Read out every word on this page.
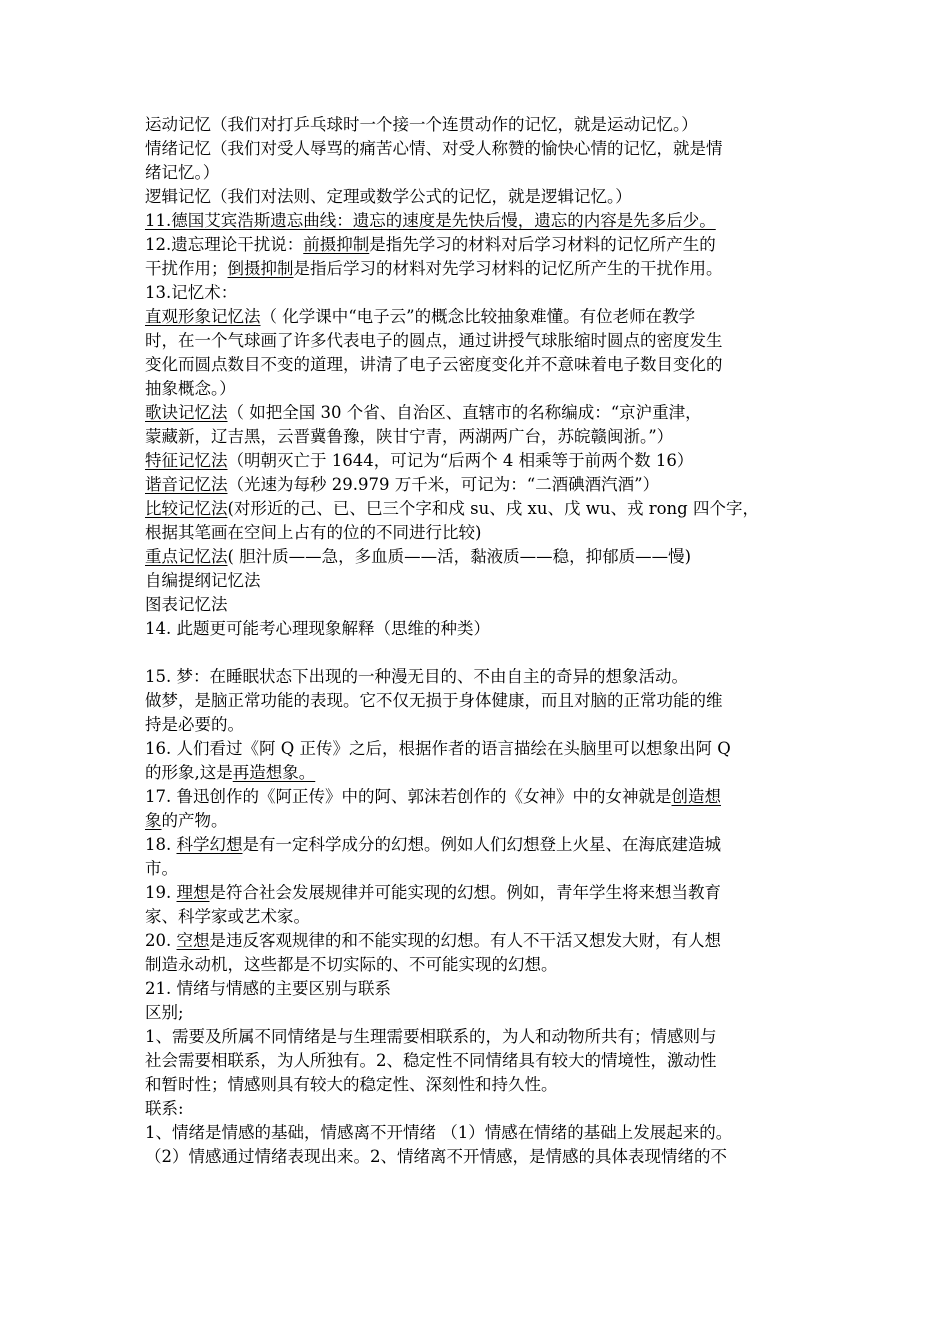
运动记忆（我们对打乒乓球时一个接一个连贯动作的记忆，就是运动记忆。）
情绪记忆（我们对受人辱骂的痛苦心情、对受人称赞的愉快心情的记忆，就是情
绪记忆。）
逻辑记忆（我们对法则、定理或数学公式的记忆，就是逻辑记忆。）
11.德国艾宾浩斯遗忘曲线：遗忘的速度是先快后慢，遗忘的内容是先多后少。
12.遗忘理论干扰说：前摄抑制是指先学习的材料对后学习材料的记忆所产生的
干扰作用；倒摄抑制是指后学习的材料对先学习材料的记忆所产生的干扰作用。
13.记忆术：
直观形象记忆法（ 化学课中“电子云”的概念比较抽象难懂。有位老师在教学
时，在一个气球画了许多代表电子的圆点，通过讲授气球胀缩时圆点的密度发生
变化而圆点数目不变的道理，讲清了电子云密度变化并不意味着电子数目变化的
抽象概念。）
歌诀记忆法（ 如把全国 30 个省、自治区、直辖市的名称编成：“京沪重津，
蒙藏新，辽吉黑，云晋冀鲁豫，陕甘宁青，两湖两广台，苏皖赣闽浙。”）
特征记忆法（明朝灭亡于 1644，可记为“后两个 4 相乘等于前两个数 16）
谐音记忆法（光速为每秒 29.979 万千米，可记为：“二酒碘酒汽酒”）
比较记忆法(对形近的己、已、巳三个字和戍 su、戌 xu、戊 wu、戎 rong 四个字，
根据其笔画在空间上占有的位的不同进行比较)
重点记忆法( 胆汁质——急，多血质——活，黏液质——稳，抑郁质——慢)
自编提纲记忆法
图表记忆法
14. 此题更可能考心理现象解释（思维的种类）
15. 梦：在睡眠状态下出现的一种漫无目的、不由自主的奇异的想象活动。
做梦，是脑正常功能的表现。它不仅无损于身体健康，而且对脑的正常功能的维
持是必要的。
16. 人们看过《阿 Q 正传》之后，根据作者的语言描绘在头脑里可以想象出阿 Q
的形象,这是再造想象。
17. 鲁迅创作的《阿正传》中的阿、郭沫若创作的《女神》中的女神就是创造想
象的产物。
18. 科学幻想是有一定科学成分的幻想。例如人们幻想登上火星、在海底建造城
市。
19. 理想是符合社会发展规律并可能实现的幻想。例如，青年学生将来想当教育
家、科学家或艺术家。
20. 空想是违反客观规律的和不能实现的幻想。有人不干活又想发大财，有人想
制造永动机，这些都是不切实际的、不可能实现的幻想。
21. 情绪与情感的主要区别与联系
区别;
1、需要及所属不同情绪是与生理需要相联系的，为人和动物所共有；情感则与
社会需要相联系，为人所独有。2、稳定性不同情绪具有较大的情境性，激动性
和暂时性；情感则具有较大的稳定性、深刻性和持久性。
联系:
1、情绪是情感的基础，情感离不开情绪 （1）情感在情绪的基础上发展起来的。
（2）情感通过情绪表现出来。2、情绪离不开情感，是情感的具体表现情绪的不
